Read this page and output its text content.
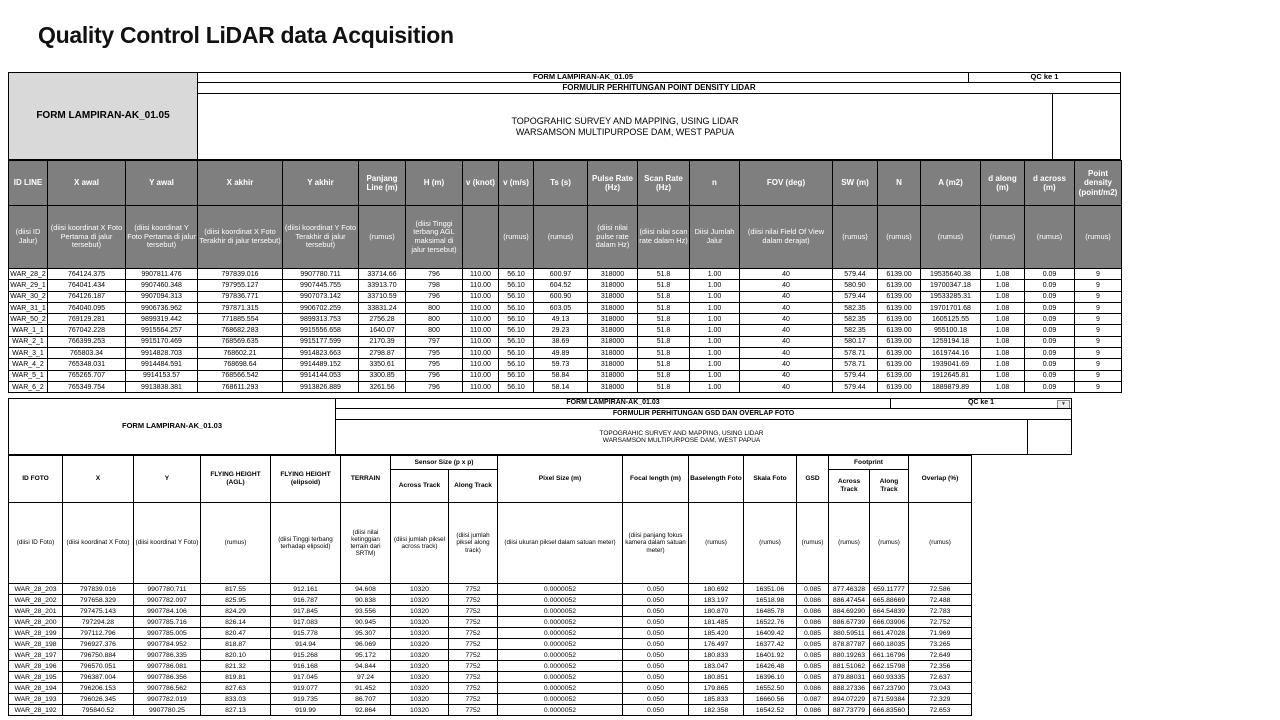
Quality Control LiDAR data Acquisition
FORM LAMPIRAN-AK_01.05
FORM LAMPIRAN-AK_01.05	QC ke 1
FORMULIR PERHITUNGAN POINT DENSITY LIDAR
TOPOGRAHIC SURVEY AND MAPPING, USING LIDAR
WARSAMSON MULTIPURPOSE DAM, WEST PAPUA
ID LINE	X awal	Y awal	X akhir	Y akhir	Panjang Line (m)	H (m)	v (knot)	v (m/s)	Ts (s)	Pulse Rate (Hz)	Scan Rate (Hz)	n	FOV (deg)	SW (m)	N	A (m2)	d along (m)	d across (m)	Point density (point/m2)
(diisi ID Jalur)	(diisi koordinat X Foto Pertama di jalur tersebut)	(diisi koordinat Y Foto Pertama di jalur tersebut)	(diisi koordinat X Foto Terakhir di jalur tersebut)	(diisi koordinat Y Foto Terakhir di jalur tersebut)	(rumus)	(diisi Tinggi terbang AGL maksimal di jalur tersebut)		(rumus)	(rumus)	(diisi nilai pulse rate dalam Hz)	(diisi nilai scan rate dalam Hz)	Diisi Jumlah Jalur	(diisi nilai Field Of View dalam derajat)	(rumus)	(rumus)	(rumus)	(rumus)	(rumus)	(rumus)
WAR_28_2	764124.375	9907811.476	797839.016	9907780.711	33714.66	796	110.00	56.10	600.97	318000	51.8	1.00	40	579.44	6139.00	19535640.38	1.08	0.09	9
WAR_29_1	764041.434	9907460.348	797955.127	9907445.755	33913.70	798	110.00	56.10	604.52	318000	51.8	1.00	40	580.90	6139.00	19700347.18	1.08	0.09	9
WAR_30_2	764126.187	9907094.313	797836.771	9907073.142	33710.59	796	110.00	56.10	600.90	318000	51.8	1.00	40	579.44	6139.00	19533285.31	1.08	0.09	9
WAR_31_1	764040.095	9906736.962	797871.315	9906702.259	33831.24	800	110.00	56.10	603.05	318000	51.8	1.00	40	582.35	6139.00	19701701.68	1.08	0.09	9
WAR_50_2	769129.281	9899319.442	771885.554	9899313.753	2756.28	800	110.00	56.10	49.13	318000	51.8	1.00	40	582.35	6139.00	1605125.55	1.08	0.09	9
WAR_1_1	767042.228	9915564.257	768682.283	9915556.658	1640.07	800	110.00	56.10	29.23	318000	51.8	1.00	40	582.35	6139.00	955100.18	1.08	0.09	9
WAR_2_1	766399.253	9915170.469	768569.635	9915177.599	2170.39	797	110.00	56.10	38.69	318000	51.8	1.00	40	580.17	6139.00	1259194.18	1.08	0.09	9
WAR_3_1	765803.34	9914828.703	768602.21	9914823.663	2798.87	795	110.00	56.10	49.89	318000	51.8	1.00	40	578.71	6139.00	1619744.16	1.08	0.09	9
WAR_4_2	765348.031	9914484.591	768698.64	9914489.152	3350.61	795	110.00	56.10	59.73	318000	51.8	1.00	40	578.71	6139.00	1939041.69	1.08	0.09	9
WAR_5_1	765265.707	9914153.57	768566.542	9914144.053	3300.85	796	110.00	56.10	58.84	318000	51.8	1.00	40	579.44	6139.00	1912645.81	1.08	0.09	9
WAR_6_2	765349.754	9913838.381	768611.293	9913826.889	3261.56	796	110.00	56.10	58.14	318000	51.8	1.00	40	579.44	6139.00	1889879.89	1.08	0.09	9
FORM LAMPIRAN-AK_01.03
FORM LAMPIRAN-AK_01.03	QC ke 1	▼
FORMULIR PERHITUNGAN GSD DAN OVERLAP FOTO
TOPOGRAHIC SURVEY AND MAPPING, USING LIDAR
WARSAMSON MULTIPURPOSE DAM, WEST PAPUA
ID FOTO	X	Y	FLYING HEIGHT (AGL)	FLYING HEIGHT (elipsoid)	TERRAIN	Sensor Size (p x p)		Pixel Size (m)	Focal length (m)	Baselength Foto	Skala Foto	GSD	Footprint		Overlap (%)
						Across Track	Along Track						Across Track	Along Track	
(diisi ID Foto)	(diisi koordinat X Foto)	(diisi koordinat Y Foto)	(rumus)	(diisi Tinggi terbang terhadap elipsoid)	(diisi nilai ketinggian terrain dari SRTM)	(diisi jumlah piksel across track)	(diisi jumlah piksel along track)	(diisi ukuran piksel dalam satuan meter)	(diisi panjang fokus kamera dalam satuan meter)	(rumus)	(rumus)	(rumus)	(rumus)	(rumus)	(rumus)
WAR_28_203	797839.016	9907780.711	817.55	912.161	94.608	10320	7752	0.0000052	0.050	180.692	16351.06	0.085	877.46328	659.11777	72.586
WAR_28_202	797658.329	9907782.097	825.95	916.787	90.838	10320	7752	0.0000052	0.050	183.197	16518.98	0.086	886.47454	665.88669	72.488
WAR_28_201	797475.143	9907784.106	824.29	917.845	93.556	10320	7752	0.0000052	0.050	180.870	16485.78	0.086	884.69290	664.54839	72.783
WAR_28_200	797294.28	9907785.716	826.14	917.083	90.945	10320	7752	0.0000052	0.050	181.485	16522.76	0.086	886.67739	666.03906	72.752
WAR_28_199	797112.796	9907785.005	820.47	915.778	95.307	10320	7752	0.0000052	0.050	185.420	16409.42	0.085	880.59511	661.47028	71.969
WAR_28_198	796927.376	9907784.952	818.87	914.94	96.069	10320	7752	0.0000052	0.050	176.497	16377.42	0.085	878.87787	660.18035	73.265
WAR_28_197	796750.884	9907786.335	820.10	915.268	95.172	10320	7752	0.0000052	0.050	180.833	16401.92	0.085	880.19263	661.16796	72.649
WAR_28_196	796570.051	9907786.081	821.32	916.168	94.844	10320	7752	0.0000052	0.050	183.047	16426.48	0.085	881.51062	662.15798	72.356
WAR_28_195	796387.004	9907786.356	819.81	917.045	97.24	10320	7752	0.0000052	0.050	180.851	16396.10	0.085	879.88031	660.93335	72.637
WAR_28_194	796206.153	9907786.562	827.63	919.077	91.452	10320	7752	0.0000052	0.050	179.865	16552.50	0.086	888.27336	667.23790	73.043
WAR_28_193	796026.345	9907782.019	833.03	919.735	86.707	10320	7752	0.0000052	0.050	185.833	16660.56	0.087	894.07229	671.59384	72.329
WAR_28_192	795840.52	9907780.25	827.13	919.99	92.864	10320	7752	0.0000052	0.050	182.358	16542.52	0.086	887.73779	666.83560	72.653
